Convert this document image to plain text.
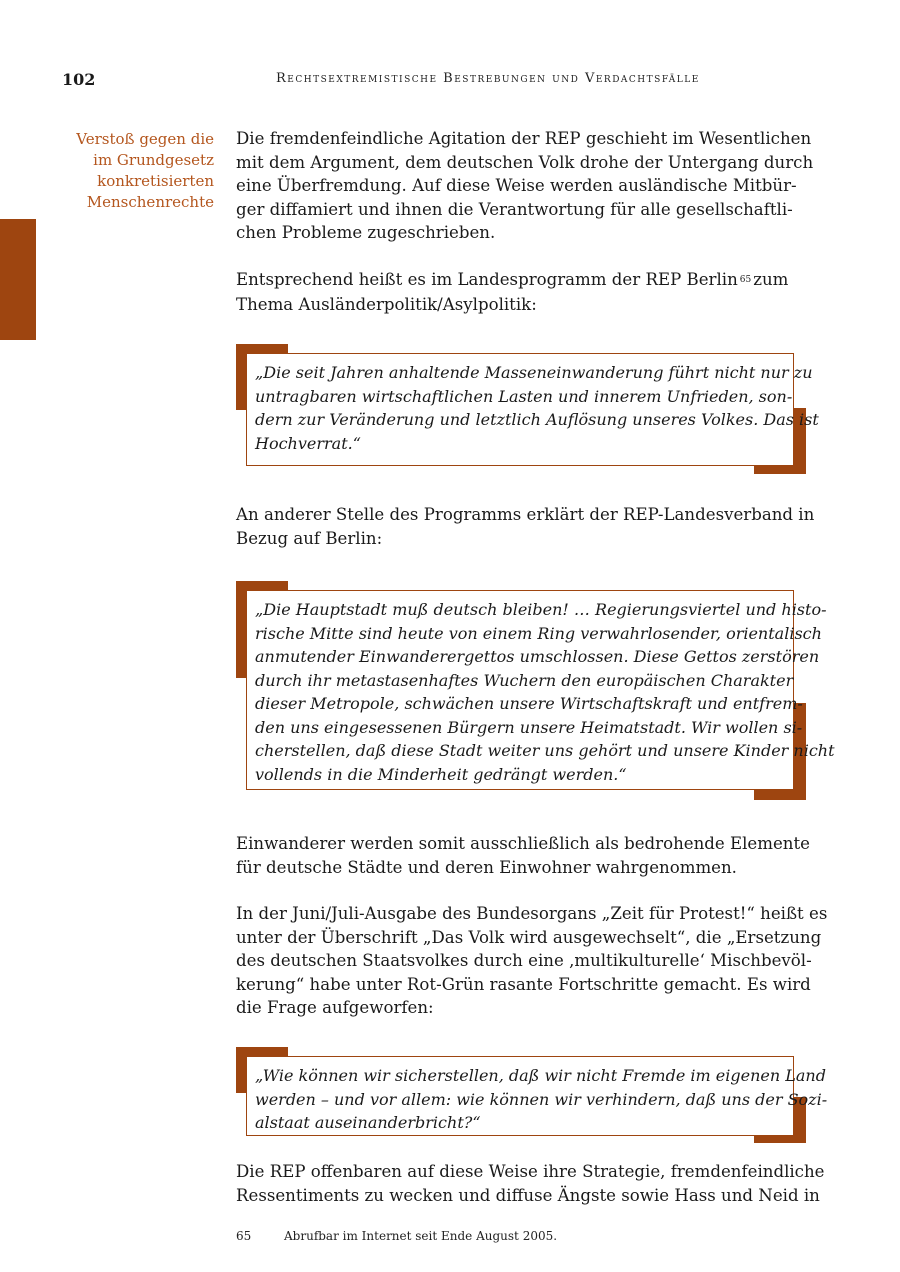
102	Rechtsextremistische Bestrebungen und Verdachtsfälle
Verstoß gegen die
im Grundgesetz
konkretisierten
Menschenrechte

Die fremdenfeindliche Agitation der REP geschieht im Wesentlichen
mit dem Argument, dem deutschen Volk drohe der Untergang durch
eine Überfremdung. Auf diese Weise werden ausländische Mitbür-
ger diffamiert und ihnen die Verantwortung für alle gesellschaftli-
chen Probleme zugeschrieben.

Entsprechend heißt es im Landesprogramm der REP Berlin 65 zum
Thema Ausländerpolitik/Asylpolitik:

„Die seit Jahren anhaltende Masseneinwanderung führt nicht nur zu
untragbaren wirtschaftlichen Lasten und innerem Unfrieden, son-
dern zur Veränderung und letztlich Auflösung unseres Volkes. Das ist
Hochverrat.“

An anderer Stelle des Programms erklärt der REP-Landesverband in
Bezug auf Berlin:

„Die Hauptstadt muß deutsch bleiben! … Regierungsviertel und histo-
rische Mitte sind heute von einem Ring verwahrlosender, orientalisch
anmutender Einwanderergettos umschlossen. Diese Gettos zerstören
durch ihr metastasenhaftes Wuchern den europäischen Charakter
dieser Metropole, schwächen unsere Wirtschaftskraft und entfrem-
den uns eingesessenen Bürgern unsere Heimatstadt. Wir wollen si-
cherstellen, daß diese Stadt weiter uns gehört und unsere Kinder nicht
vollends in die Minderheit gedrängt werden.“

Einwanderer werden somit ausschließlich als bedrohende Elemente
für deutsche Städte und deren Einwohner wahrgenommen.

In der Juni/Juli-Ausgabe des Bundesorgans „Zeit für Protest!“ heißt es
unter der Überschrift „Das Volk wird ausgewechselt“, die „Ersetzung
des deutschen Staatsvolkes durch eine ‚multikulturelle‘ Mischbevöl-
kerung“ habe unter Rot-Grün rasante Fortschritte gemacht. Es wird
die Frage aufgeworfen:

„Wie können wir sicherstellen, daß wir nicht Fremde im eigenen Land
werden – und vor allem: wie können wir verhindern, daß uns der Sozi-
alstaat auseinanderbricht?“

Die REP offenbaren auf diese Weise ihre Strategie, fremdenfeindliche
Ressentiments zu wecken und diffuse Ängste sowie Hass und Neid in

65	Abrufbar im Internet seit Ende August 2005.
